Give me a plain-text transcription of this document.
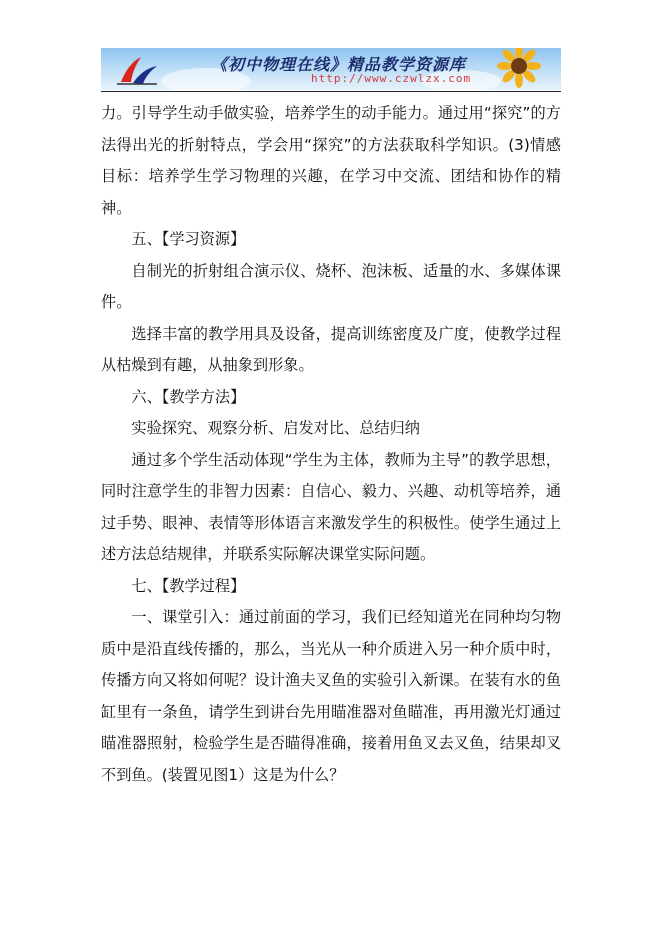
《初中物理在线》精品教学资源库
http://www.czwlzx.com

力。引导学生动手做实验，培养学生的动手能力。通过用“探究”的方法得出光的折射特点，学会用“探究”的方法获取科学知识。(3)情感目标：培养学生学习物理的兴趣，在学习中交流、团结和协作的精神。

五、【学习资源】

自制光的折射组合演示仪、烧杯、泡沫板、适量的水、多媒体课件。

选择丰富的教学用具及设备，提高训练密度及广度，使教学过程从枯燥到有趣，从抽象到形象。

六、【教学方法】

实验探究、观察分析、启发对比、总结归纳

通过多个学生活动体现“学生为主体，教师为主导”的教学思想，同时注意学生的非智力因素：自信心、毅力、兴趣、动机等培养，通过手势、眼神、表情等形体语言来激发学生的积极性。使学生通过上述方法总结规律，并联系实际解决课堂实际问题。

七、【教学过程】

一、课堂引入：通过前面的学习，我们已经知道光在同种均匀物质中是沿直线传播的，那么，当光从一种介质进入另一种介质中时，传播方向又将如何呢？设计渔夫叉鱼的实验引入新课。在装有水的鱼缸里有一条鱼，请学生到讲台先用瞄准器对鱼瞄准，再用激光灯通过瞄准器照射，检验学生是否瞄得准确，接着用鱼叉去叉鱼，结果却叉不到鱼。(装置见图1）这是为什么？
